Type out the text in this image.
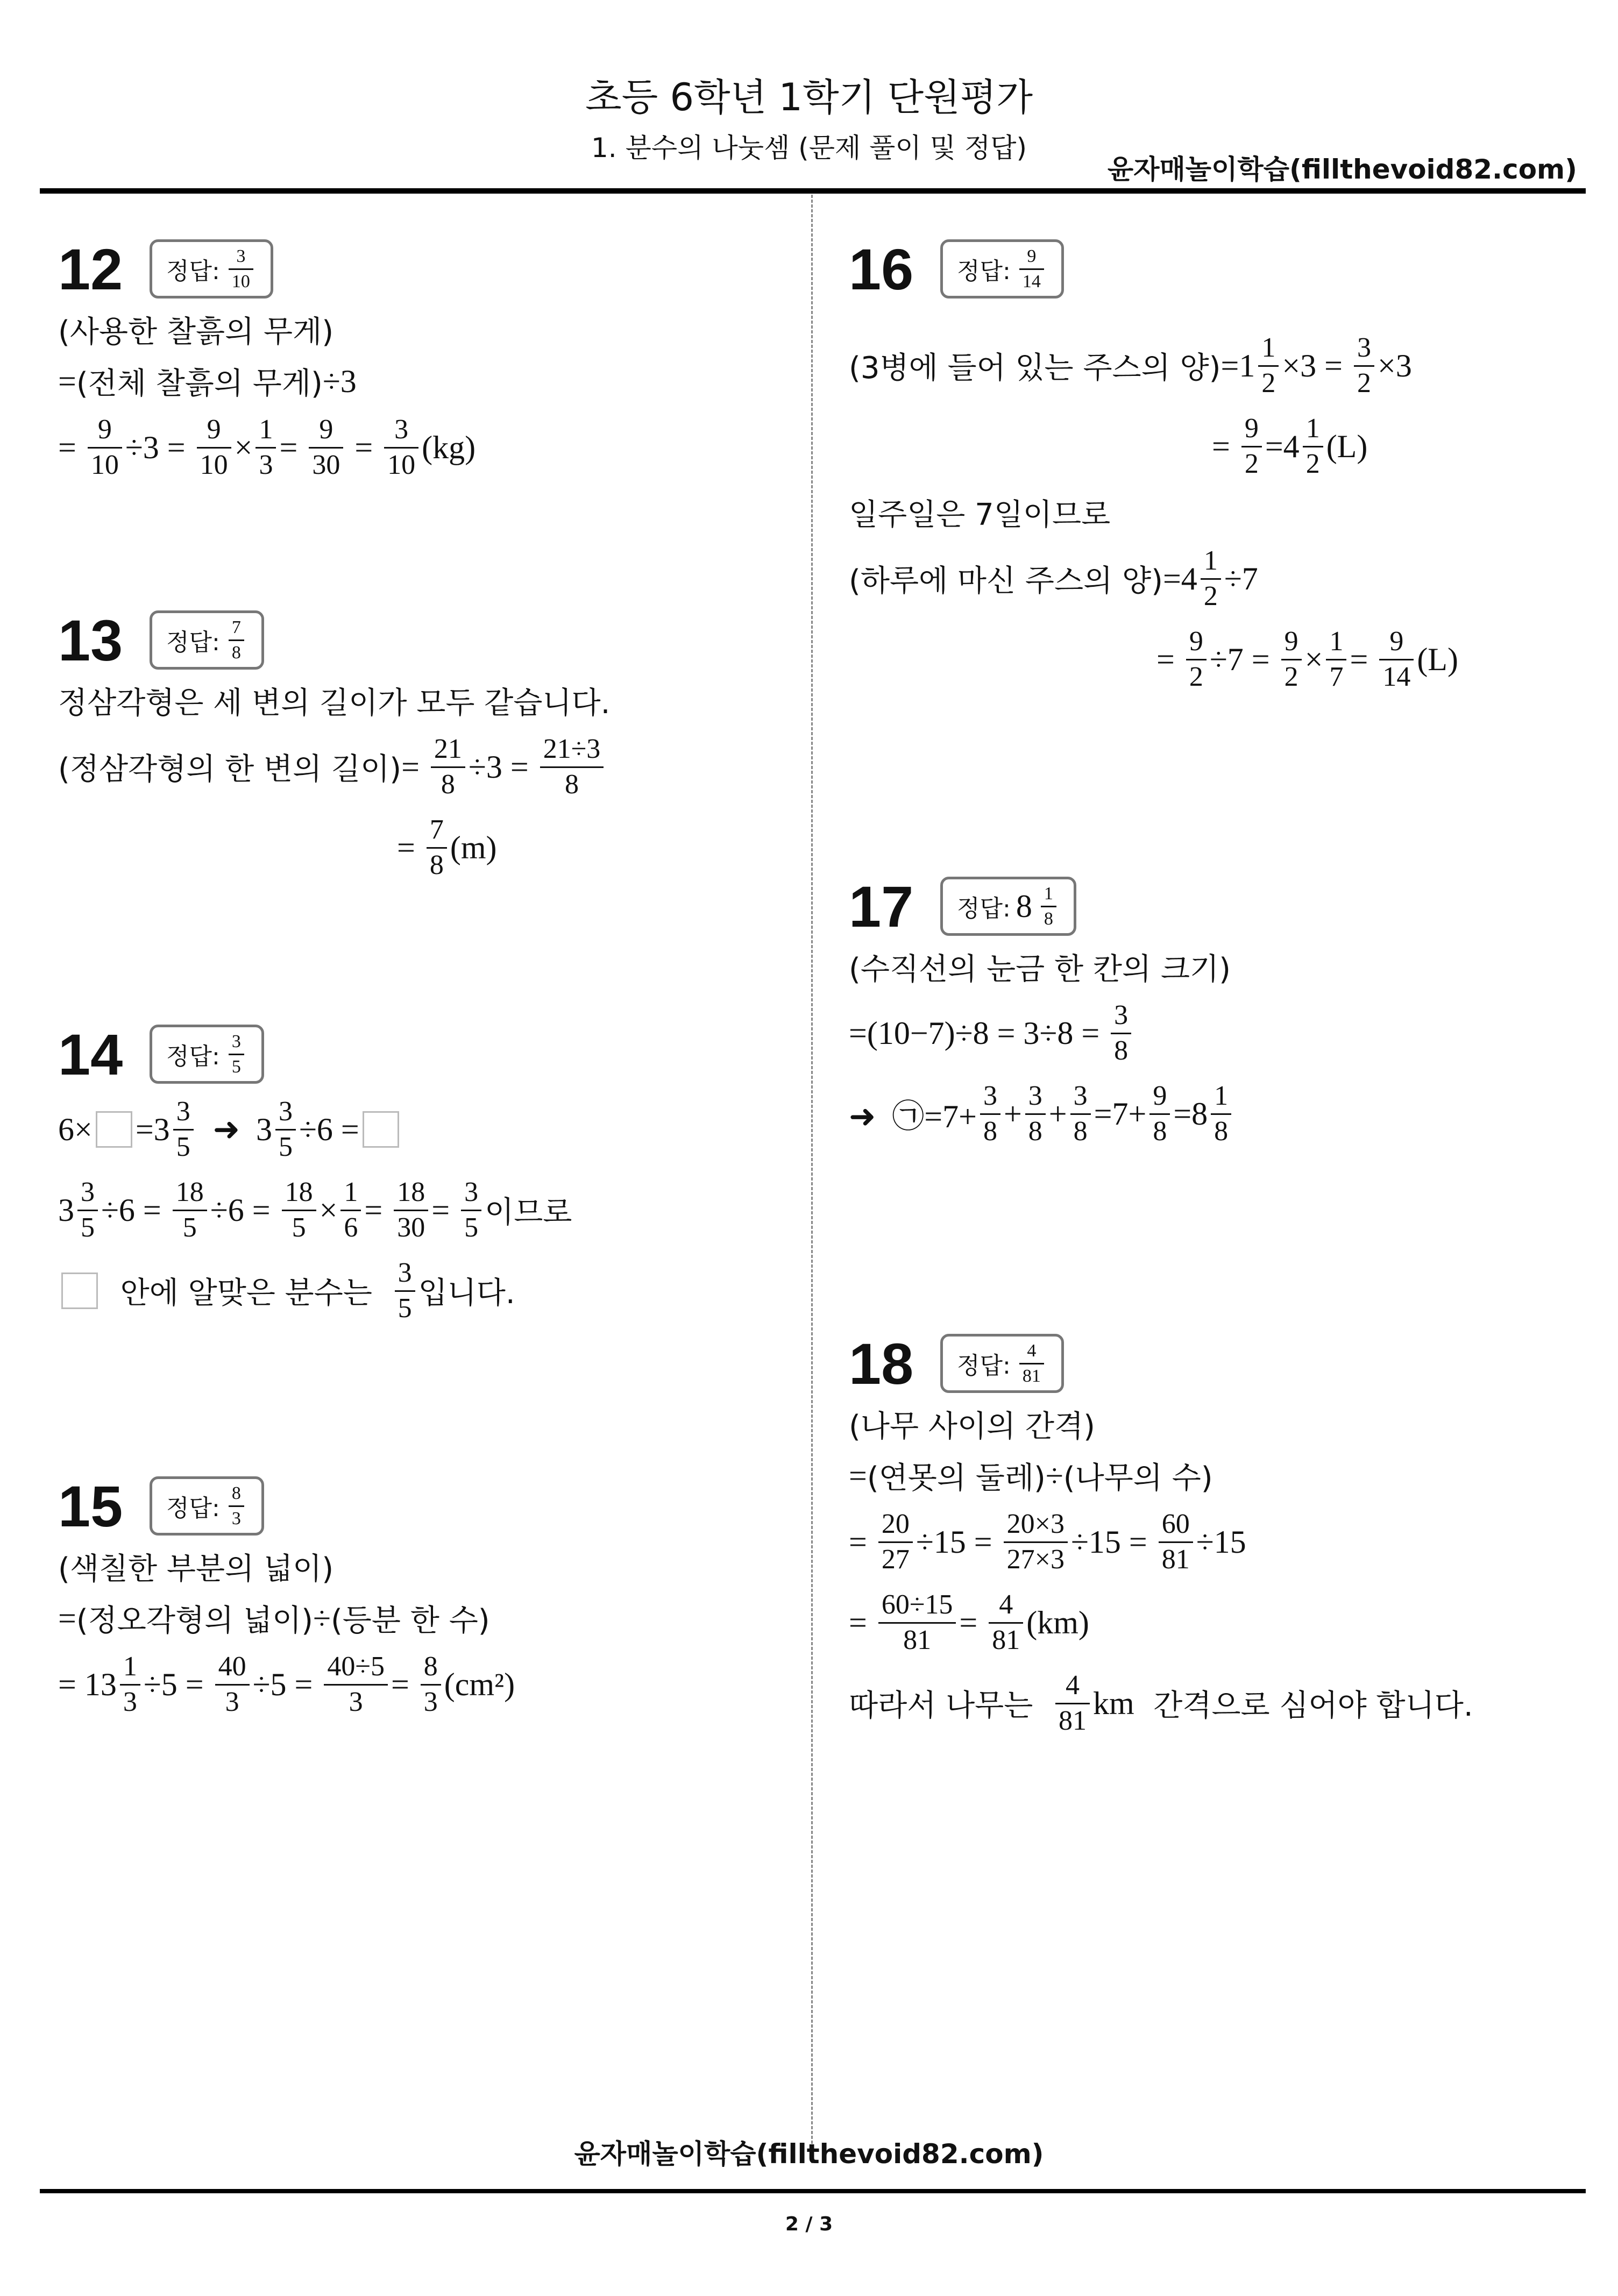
초등 6학년 1학기 단원평가
1. 분수의 나눗셈 (문제 풀이 및 정답)
윤자매놀이학습(fillthevoid82.com)
12	정답: $\frac{3}{10}$
(사용한 찰흙의 무게)
= (전체 찰흙의 무게) ÷3
= $\frac{9}{10} \div 3 = \frac{9}{10} \times \frac{1}{3} = \frac{9}{30} = \frac{3}{10} (kg)$
13	정답: $\frac{7}{8}$
정삼각형은 세 변의 길이가 모두 같습니다.
(정삼각형의 한 변의 길이) = $\frac{21}{8} \div 3 = \frac{21\div 3}{8}$
= $\frac{7}{8} (m)$
14	정답: $\frac{3}{5}$
$6\times =3 \frac{3}{5}$ ➜  $3 \frac{3}{5} \div 6$ =
$3 \frac{3}{5} \div 6 = \frac{18}{5} \div 6 = \frac{18}{5} \times \frac{1}{6} = \frac{18}{30} = \frac{3}{5}$ 이므로
안에 알맞은 분수는 $\frac{3}{5}$ 입니다.
15	정답: $\frac{8}{3}$
(색칠한 부분의 넓이)
= (정오각형의 넓이) ÷ (등분 한 수)
= $13 \frac{1}{3} \div 5 = \frac{40}{3} \div 5 = \frac{40\div 5}{3} = \frac{8}{3} (cm^2)$
16	정답: $\frac{9}{14}$
(3병에 들어 있는 주스의 양) $=1 \frac{1}{2} \times 3 = \frac{3}{2} \times 3$
= $\frac{9}{2} =4 \frac{1}{2} (L)$
일주일은 7일이므로
(하루에 마신 주스의 양) $=4 \frac{1}{2} \div 7$
= $\frac{9}{2} \div 7 = \frac{9}{2} \times \frac{1}{7} = \frac{9}{14} (L)$
17	정답: $8 \frac{1}{8}$
(수직선의 눈금 한 칸의 크기)
$=(10-7)\div 8 = 3\div 8 = \frac{3}{8}$
➜  ㉠=7+ $\frac{3}{8} + \frac{3}{8} + \frac{3}{8} =7+ \frac{9}{8} =8 \frac{1}{8}$
18	정답: $\frac{4}{81}$
(나무 사이의 간격)
= (연못의 둘레) ÷ (나무의 수)
= $\frac{20}{27} \div 15 = \frac{20\times 3}{27\times 3} \div 15 = \frac{60}{81} \div 15$
= $\frac{60\div 15}{81} = \frac{4}{81} (km)$
따라서 나무는 $\frac{4}{81}$ km 간격으로 심어야 합니다.
윤자매놀이학습(fillthevoid82.com)
2 / 3
